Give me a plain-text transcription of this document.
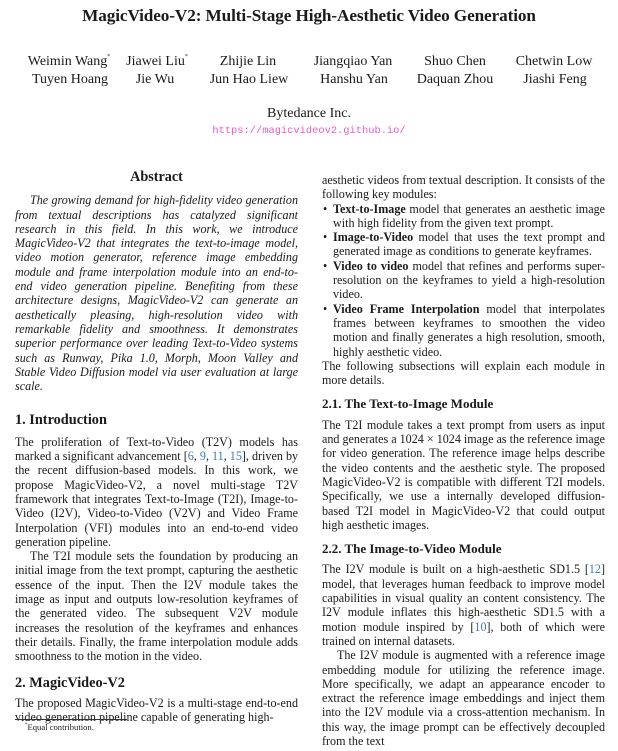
MagicVideo-V2: Multi-Stage High-Aesthetic Video Generation
Weimin Wang* Jiawei Liu* Zhijie Lin	Jiangqiao Yan Shuo Chen Chetwin Low
Tuyen Hoang Jie Wu	Jun Hao Liew Hanshu Yan Daquan Zhou Jiashi Feng
Bytedance Inc.
https://magicvideov2.github.io/
Abstract

The growing demand for high-fidelity video generation from textual descriptions has catalyzed significant research in this field. In this work, we introduce MagicVideo-V2 that integrates the text-to-image model, video motion generator, reference image embedding module and frame interpolation module into an end-to-end video generation pipeline. Benefiting from these architecture designs, MagicVideo-V2 can generate an aesthetically pleasing, high-resolution video with remarkable fidelity and smoothness. It demonstrates superior performance over leading Text-to-Video systems such as Runway, Pika 1.0, Morph, Moon Valley and Stable Video Diffusion model via user evaluation at large scale.

1. Introduction

The proliferation of Text-to-Video (T2V) models has marked a significant advancement [6, 9, 11, 15], driven by the recent diffusion-based models. In this work, we propose MagicVideo-V2, a novel multi-stage T2V framework that integrates Text-to-Image (T2I), Image-to-Video (I2V), Video-to-Video (V2V) and Video Frame Interpolation (VFI) modules into an end-to-end video generation pipeline.

The T2I module sets the foundation by producing an initial image from the text prompt, capturing the aesthetic essence of the input. Then the I2V module takes the image as input and outputs low-resolution keyframes of the generated video. The subsequent V2V module increases the resolution of the keyframes and enhances their details. Finally, the frame interpolation module adds smoothness to the motion in the video.

2. MagicVideo-V2

The proposed MagicVideo-V2 is a multi-stage end-to-end video generation pipeline capable of generating high-

*Equal contribution.

aesthetic videos from textual description. It consists of the following key modules:

• Text-to-Image model that generates an aesthetic image with high fidelity from the given text prompt.
• Image-to-Video model that uses the text prompt and generated image as conditions to generate keyframes.
• Video to video model that refines and performs super-resolution on the keyframes to yield a high-resolution video.
• Video Frame Interpolation model that interpolates frames between keyframes to smoothen the video motion and finally generates a high resolution, smooth, highly aesthetic video.

The following subsections will explain each module in more details.

2.1. The Text-to-Image Module

The T2I module takes a text prompt from users as input and generates a 1024 × 1024 image as the reference image for video generation. The reference image helps describe the video contents and the aesthetic style. The proposed MagicVideo-V2 is compatible with different T2I models. Specifically, we use a internally developed diffusion-based T2I model in MagicVideo-V2 that could output high aesthetic images.

2.2. The Image-to-Video Module

The I2V module is built on a high-aesthetic SD1.5 [12] model, that leverages human feedback to improve model capabilities in visual quality an content consistency. The I2V module inflates this high-aesthetic SD1.5 with a motion module inspired by [10], both of which were trained on internal datasets.

The I2V module is augmented with a reference image embedding module for utilizing the reference image. More specifically, we adapt an appearance encoder to extract the reference image embeddings and inject them into the I2V module via a cross-attention mechanism. In this way, the image prompt can be effectively decoupled from the text
